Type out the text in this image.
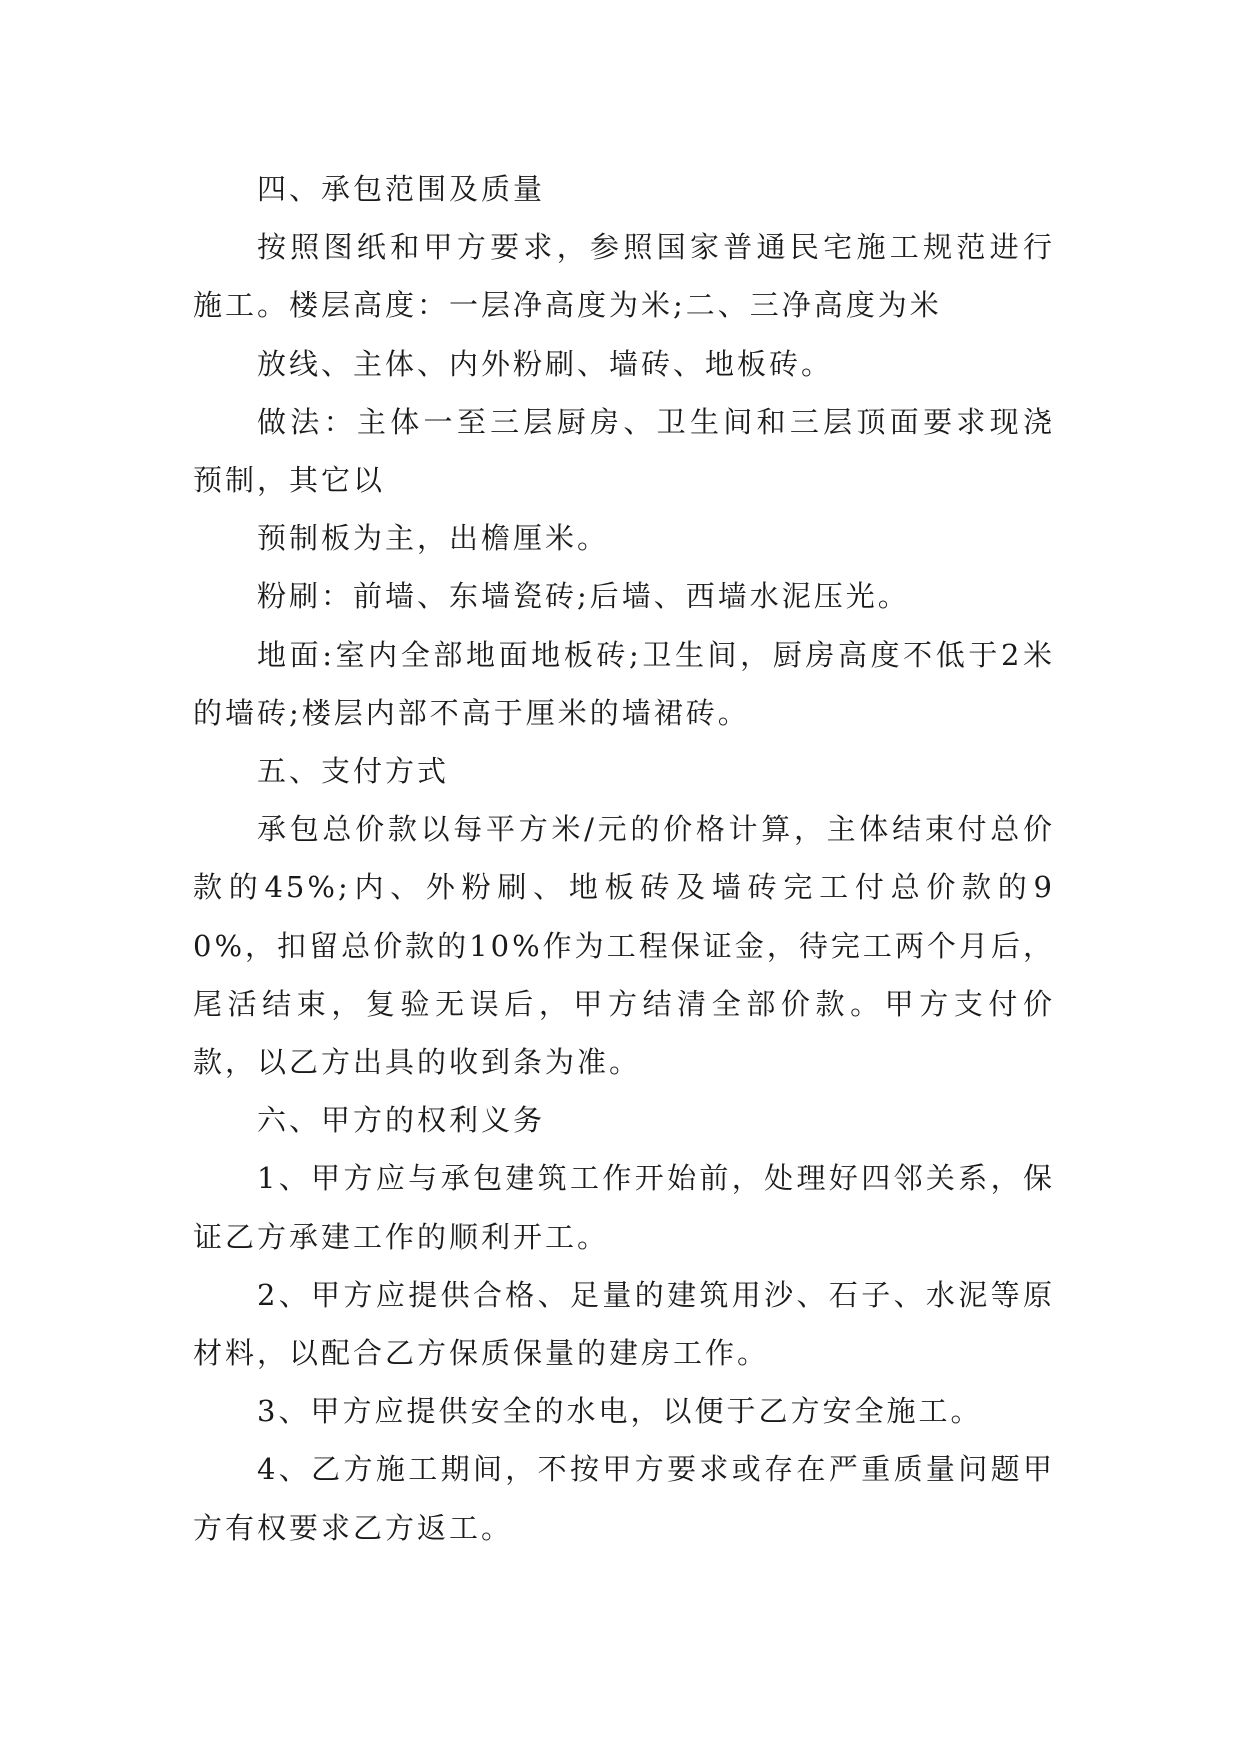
四、承包范围及质量

按照图纸和甲方要求，参照国家普通民宅施工规范进行施工。楼层高度：一层净高度为米;二、三净高度为米

放线、主体、内外粉刷、墙砖、地板砖。

做法：主体一至三层厨房、卫生间和三层顶面要求现浇预制，其它以

预制板为主，出檐厘米。

粉刷：前墙、东墙瓷砖;后墙、西墙水泥压光。

地面:室内全部地面地板砖;卫生间，厨房高度不低于2米的墙砖;楼层内部不高于厘米的墙裙砖。

五、支付方式

承包总价款以每平方米/元的价格计算，主体结束付总价款的45%;内、外粉刷、地板砖及墙砖完工付总价款的90%，扣留总价款的10%作为工程保证金，待完工两个月后，尾活结束，复验无误后，甲方结清全部价款。甲方支付价款，以乙方出具的收到条为准。

六、甲方的权利义务

1、甲方应与承包建筑工作开始前，处理好四邻关系，保证乙方承建工作的顺利开工。

2、甲方应提供合格、足量的建筑用沙、石子、水泥等原材料，以配合乙方保质保量的建房工作。

3、甲方应提供安全的水电，以便于乙方安全施工。

4、乙方施工期间，不按甲方要求或存在严重质量问题甲方有权要求乙方返工。
